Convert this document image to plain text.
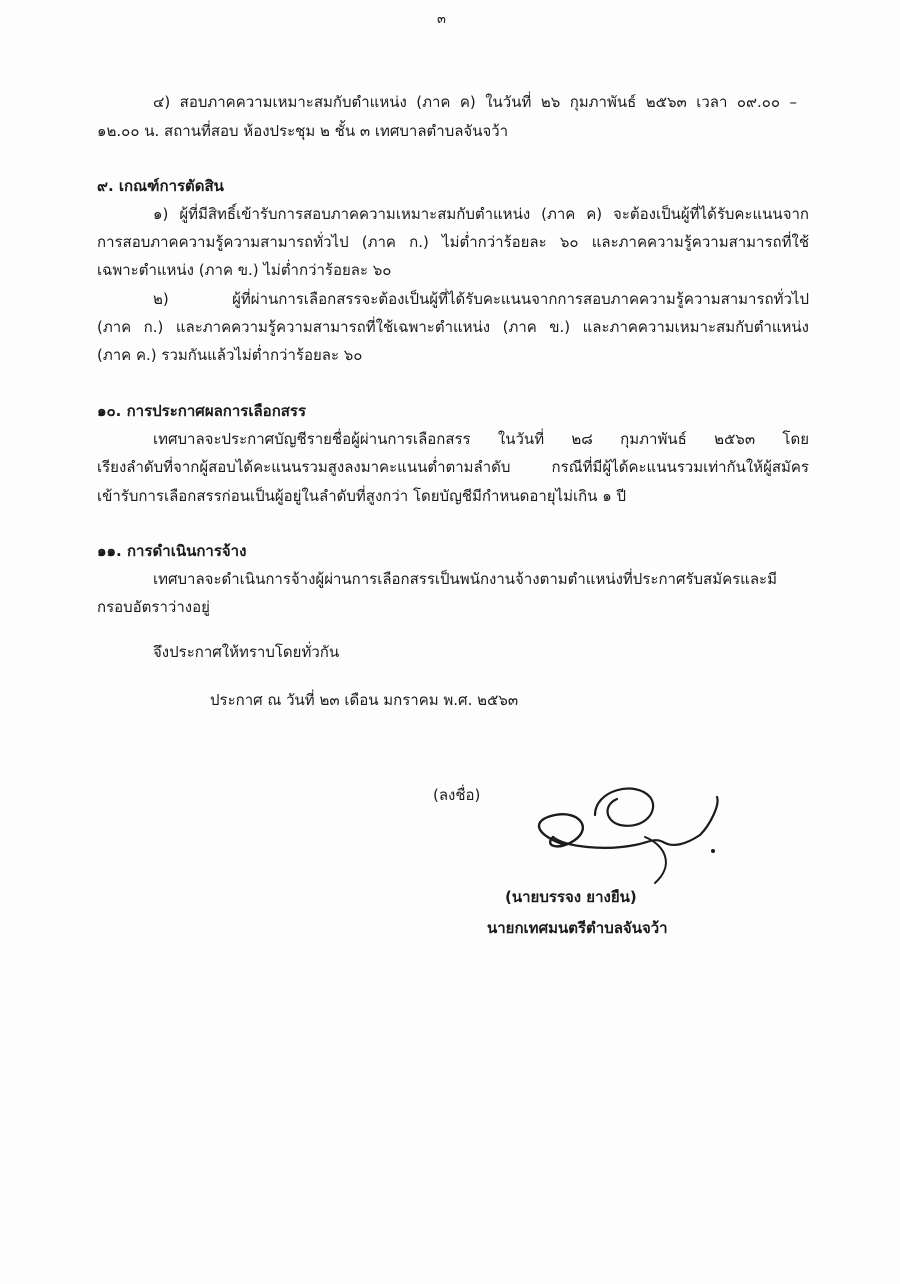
๓
๔) สอบภาคความเหมาะสมกับตำแหน่ง (ภาค ค) ในวันที่ ๒๖ กุมภาพันธ์ ๒๕๖๓ เวลา ๐๙.๐๐ –
๑๒.๐๐ น. สถานที่สอบ ห้องประชุม ๒ ชั้น ๓ เทศบาลตำบลจันจว้า
๙. เกณฑ์การตัดสิน
๑) ผู้ที่มีสิทธิ์เข้ารับการสอบภาคความเหมาะสมกับตำแหน่ง (ภาค ค) จะต้องเป็นผู้ที่ได้รับคะแนนจาก
การสอบภาคความรู้ความสามารถทั่วไป (ภาค ก.) ไม่ต่ำกว่าร้อยละ ๖๐ และภาคความรู้ความสามารถที่ใช้
เฉพาะตำแหน่ง (ภาค ข.) ไม่ต่ำกว่าร้อยละ ๖๐
๒) ผู้ที่ผ่านการเลือกสรรจะต้องเป็นผู้ที่ได้รับคะแนนจากการสอบภาคความรู้ความสามารถทั่วไป
(ภาค ก.) และภาคความรู้ความสามารถที่ใช้เฉพาะตำแหน่ง (ภาค ข.) และภาคความเหมาะสมกับตำแหน่ง
(ภาค ค.) รวมกันแล้วไม่ต่ำกว่าร้อยละ ๖๐
๑๐. การประกาศผลการเลือกสรร
เทศบาลจะประกาศบัญชีรายชื่อผู้ผ่านการเลือกสรร ในวันที่ ๒๘ กุมภาพันธ์ ๒๕๖๓ โดย
เรียงลำดับที่จากผู้สอบได้คะแนนรวมสูงลงมาคะแนนต่ำตามลำดับ กรณีที่มีผู้ได้คะแนนรวมเท่ากันให้ผู้สมัคร
เข้ารับการเลือกสรรก่อนเป็นผู้อยู่ในลำดับที่สูงกว่า โดยบัญชีมีกำหนดอายุไม่เกิน ๑ ปี
๑๑. การดำเนินการจ้าง
เทศบาลจะดำเนินการจ้างผู้ผ่านการเลือกสรรเป็นพนักงานจ้างตามตำแหน่งที่ประกาศรับสมัครและมี
กรอบอัตราว่างอยู่
จึงประกาศให้ทราบโดยทั่วกัน
ประกาศ ณ วันที่ ๒๓ เดือน มกราคม พ.ศ. ๒๕๖๓
(ลงชื่อ)
(นายบรรจง ยางยืน)
นายกเทศมนตรีตำบลจันจว้า
